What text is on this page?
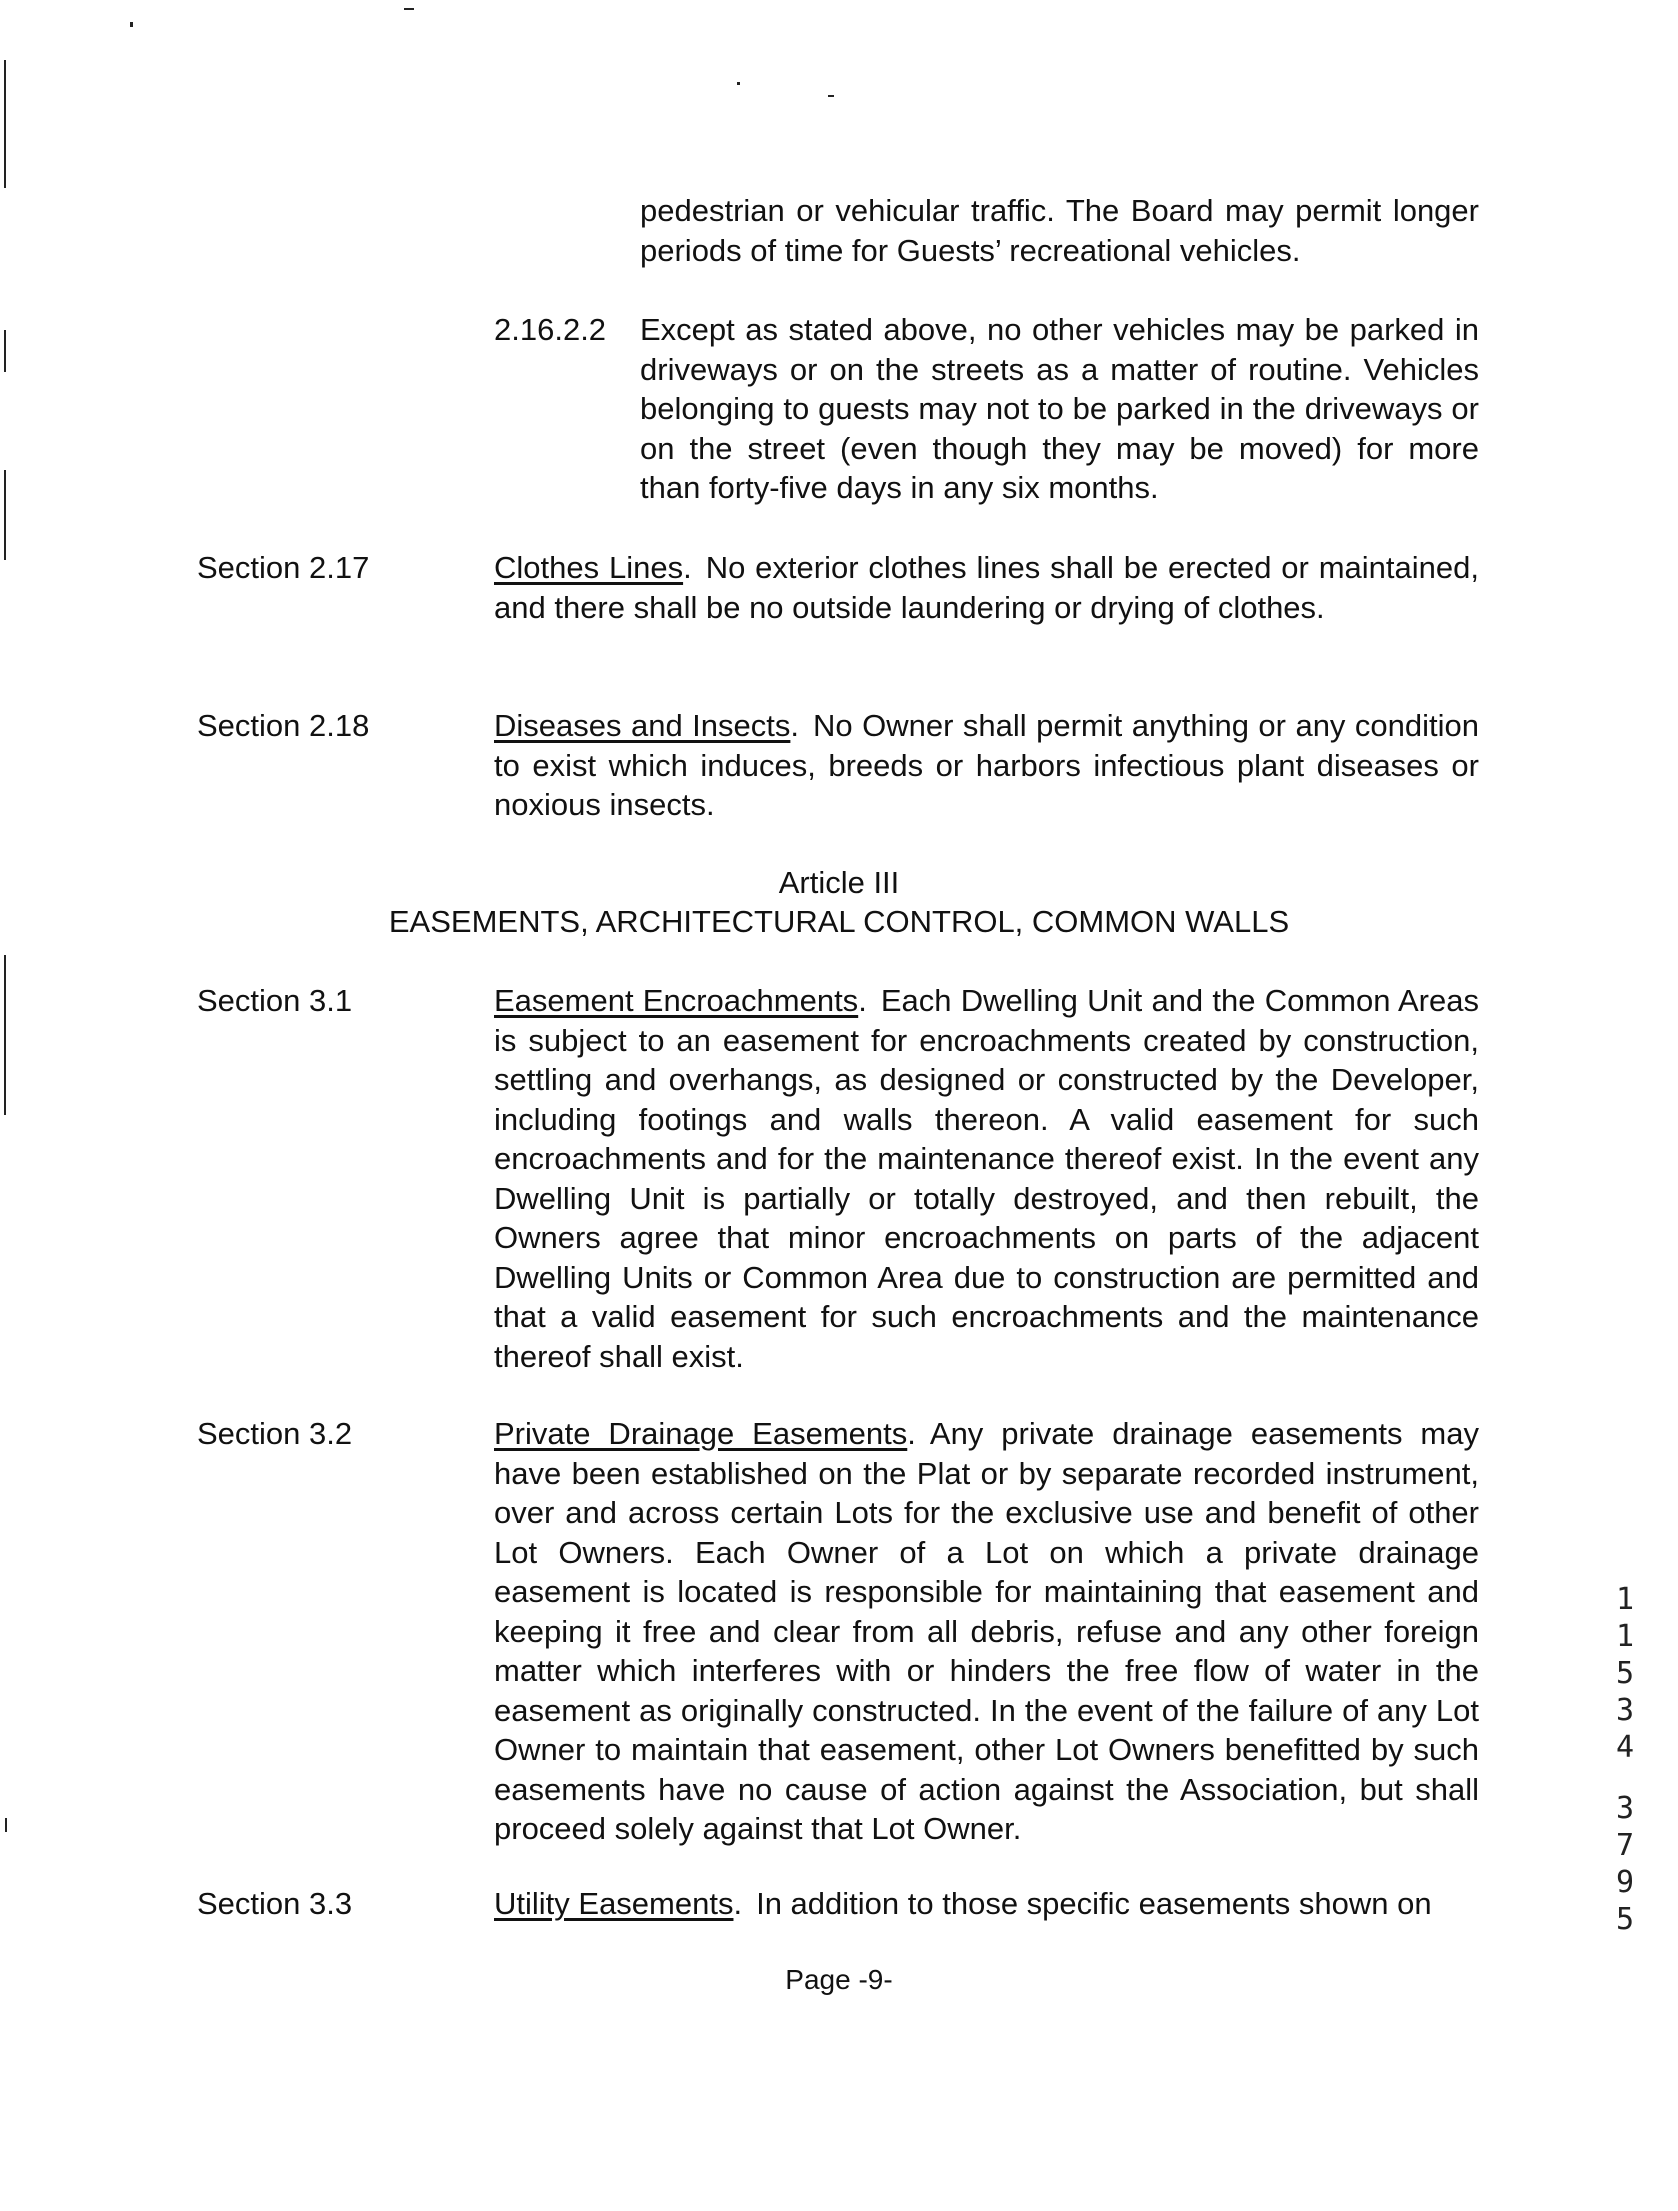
pedestrian or vehicular traffic. The Board may permit longer periods of time for Guests’ recreational vehicles.

2.16.2.2 Except as stated above, no other vehicles may be parked in driveways or on the streets as a matter of routine. Vehicles belonging to guests may not to be parked in the driveways or on the street (even though they may be moved) for more than forty-five days in any six months.

Section 2.17	Clothes Lines. No exterior clothes lines shall be erected or maintained, and there shall be no outside laundering or drying of clothes.

Section 2.18	Diseases and Insects. No Owner shall permit anything or any condition to exist which induces, breeds or harbors infectious plant diseases or noxious insects.

Article III

EASEMENTS, ARCHITECTURAL CONTROL, COMMON WALLS

Section 3.1	Easement Encroachments. Each Dwelling Unit and the Common Areas is subject to an easement for encroachments created by construction, settling and overhangs, as designed or constructed by the Developer, including footings and walls thereon. A valid easement for such encroachments and for the maintenance thereof exist. In the event any Dwelling Unit is partially or totally destroyed, and then rebuilt, the Owners agree that minor encroachments on parts of the adjacent Dwelling Units or Common Area due to construction are permitted and that a valid easement for such encroachments and the maintenance thereof shall exist.

Section 3.2	Private Drainage Easements. Any private drainage easements may have been established on the Plat or by separate recorded instrument, over and across certain Lots for the exclusive use and benefit of other Lot Owners. Each Owner of a Lot on which a private drainage easement is located is responsible for maintaining that easement and keeping it free and clear from all debris, refuse and any other foreign matter which interferes with or hinders the free flow of water in the easement as originally constructed. In the event of the failure of any Lot Owner to maintain that easement, other Lot Owners benefitted by such easements have no cause of action against the Association, but shall proceed solely against that Lot Owner.

Section 3.3	Utility Easements. In addition to those specific easements shown on

Page -9-

1

1

5

3

4

3

7

9

5
